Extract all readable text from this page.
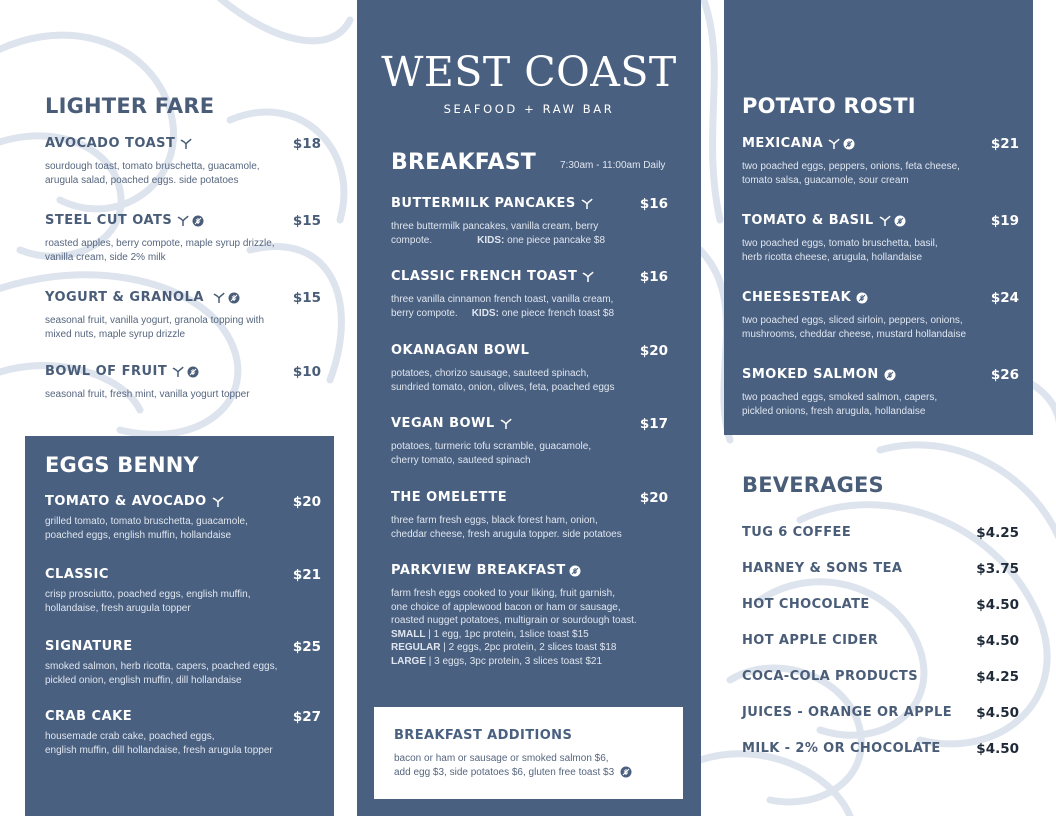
LIGHTER FARE
AVOCADO TOAST	$18
sourdough toast, tomato bruschetta, guacamole,
arugula salad, poached eggs. side potatoes
STEEL CUT OATS	$15
roasted apples, berry compote, maple syrup drizzle,
vanilla cream, side 2% milk
YOGURT & GRANOLA	$15
seasonal fruit, vanilla yogurt, granola topping with
mixed nuts, maple syrup drizzle
BOWL OF FRUIT	$10
seasonal fruit, fresh mint, vanilla yogurt topper
EGGS BENNY
TOMATO & AVOCADO	$20
grilled tomato, tomato bruschetta, guacamole,
poached eggs, english muffin, hollandaise
CLASSIC	$21
crisp prosciutto, poached eggs, english muffin,
hollandaise, fresh arugula topper
SIGNATURE	$25
smoked salmon, herb ricotta, capers, poached eggs,
pickled onion, english muffin, dill hollandaise
CRAB CAKE	$27
housemade crab cake, poached eggs,
english muffin, dill hollandaise, fresh arugula topper
WEST COAST
SEAFOOD + RAW BAR
BREAKFAST 7:30am - 11:00am Daily
BUTTERMILK PANCAKES	$16
three buttermilk pancakes, vanilla cream, berry
compote.	KIDS: one piece pancake $8
CLASSIC FRENCH TOAST	$16
three vanilla cinnamon french toast, vanilla cream,
berry compote. KIDS: one piece french toast $8
OKANAGAN BOWL	$20
potatoes, chorizo sausage, sauteed spinach,
sundried tomato, onion, olives, feta, poached eggs
VEGAN BOWL	$17
potatoes, turmeric tofu scramble, guacamole,
cherry tomato, sauteed spinach
THE OMELETTE	$20
three farm fresh eggs, black forest ham, onion,
cheddar cheese, fresh arugula topper. side potatoes
PARKVIEW BREAKFAST
farm fresh eggs cooked to your liking, fruit garnish,
one choice of applewood bacon or ham or sausage,
roasted nugget potatoes, multigrain or sourdough toast.
SMALL | 1 egg, 1pc protein, 1slice toast $15
REGULAR | 2 eggs, 2pc protein, 2 slices toast $18
LARGE | 3 eggs, 3pc protein, 3 slices toast $21
BREAKFAST ADDITIONS
bacon or ham or sausage or smoked salmon $6,
add egg $3, side potatoes $6, gluten free toast $3
POTATO ROSTI
MEXICANA	$21
two poached eggs, peppers, onions, feta cheese,
tomato salsa, guacamole, sour cream
TOMATO & BASIL	$19
two poached eggs, tomato bruschetta, basil,
herb ricotta cheese, arugula, hollandaise
CHEESESTEAK	$24
two poached eggs, sliced sirloin, peppers, onions,
mushrooms, cheddar cheese, mustard hollandaise
SMOKED SALMON	$26
two poached eggs, smoked salmon, capers,
pickled onions, fresh arugula, hollandaise
BEVERAGES
TUG 6 COFFEE	$4.25
HARNEY & SONS TEA	$3.75
HOT CHOCOLATE	$4.50
HOT APPLE CIDER	$4.50
COCA-COLA PRODUCTS	$4.25
JUICES - ORANGE OR APPLE $4.50
MILK - 2% OR CHOCOLATE	$4.50
